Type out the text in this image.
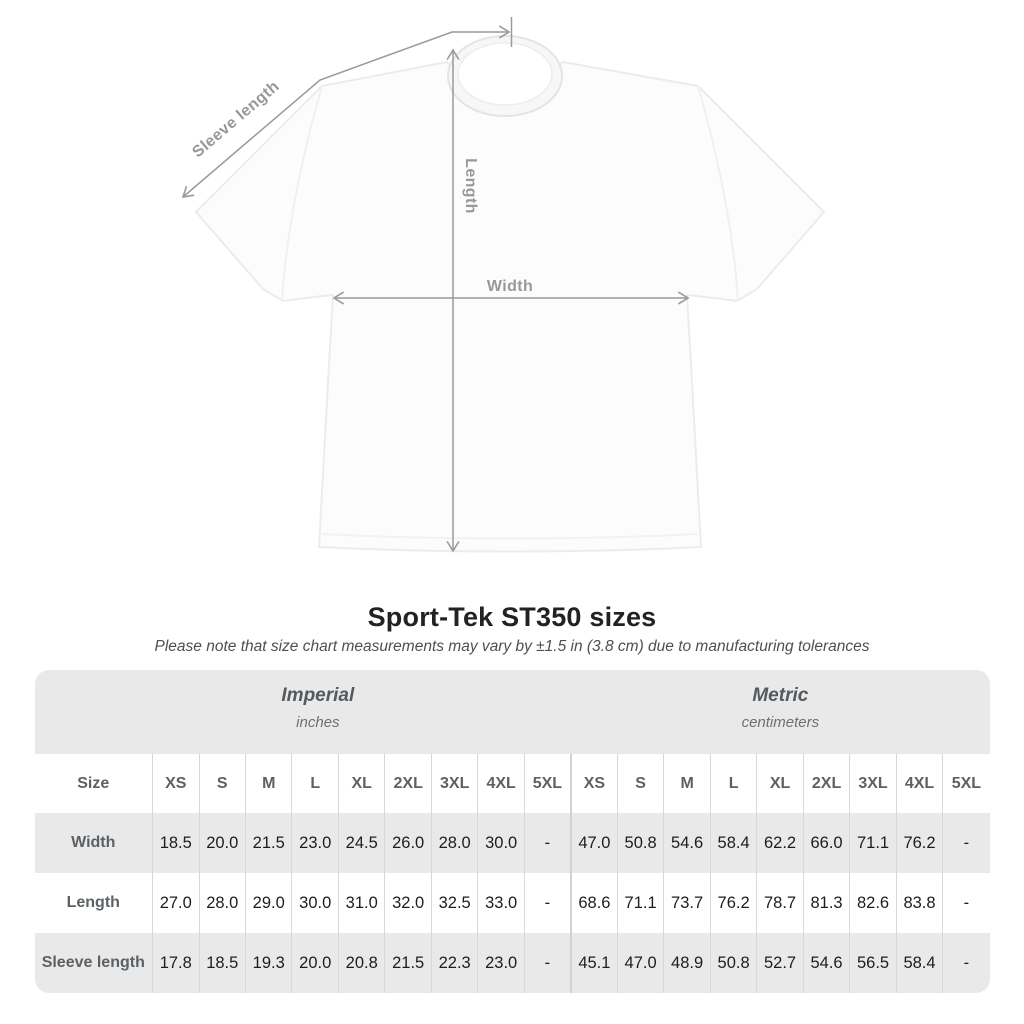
Sleeve length
Length
Width
Sport-Tek ST350 sizes

Please note that size chart measurements may vary by ±1.5 in (3.8 cm) due to manufacturing tolerances

Imperial
inches
Metric
centimeters
Size	XS	S	M	L	XL	2XL	3XL	4XL	5XL	XS	S	M	L	XL	2XL	3XL	4XL	5XL
Width	18.5	20.0	21.5	23.0	24.5	26.0	28.0	30.0	-	47.0	50.8	54.6	58.4	62.2	66.0	71.1	76.2	-
Length	27.0	28.0	29.0	30.0	31.0	32.0	32.5	33.0	-	68.6	71.1	73.7	76.2	78.7	81.3	82.6	83.8	-
Sleeve length	17.8	18.5	19.3	20.0	20.8	21.5	22.3	23.0	-	45.1	47.0	48.9	50.8	52.7	54.6	56.5	58.4	-
